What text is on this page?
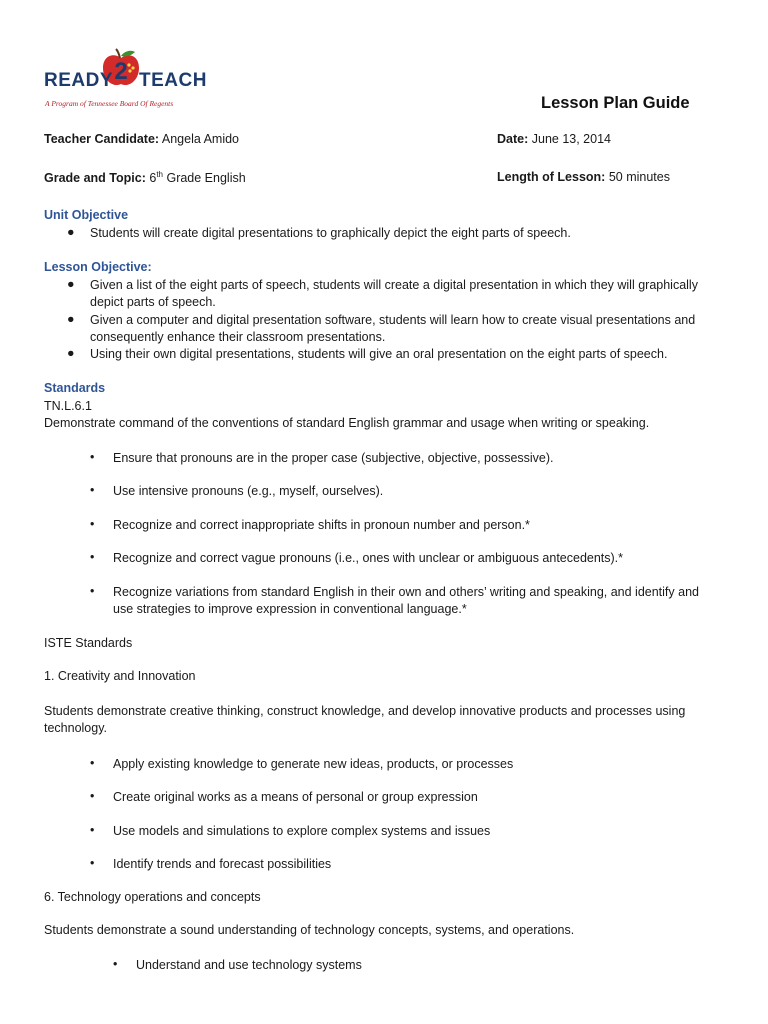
2
READY TEACH
A Program of Tennessee Board Of Regents	Lesson Plan Guide
Teacher Candidate: Angela Amido	Date: June 13, 2014
Grade and Topic: 6th Grade English	Length of Lesson: 50 minutes
Unit Objective
● Students will create digital presentations to graphically depict the eight parts of speech.
Lesson Objective:
● Given a list of the eight parts of speech, students will create a digital presentation in which they will graphically depict parts of speech.
● Given a computer and digital presentation software, students will learn how to create visual presentations and consequently enhance their classroom presentations.
● Using their own digital presentations, students will give an oral presentation on the eight parts of speech.
Standards
TN.L.6.1
Demonstrate command of the conventions of standard English grammar and usage when writing or speaking.
• Ensure that pronouns are in the proper case (subjective, objective, possessive).
• Use intensive pronouns (e.g., myself, ourselves).
• Recognize and correct inappropriate shifts in pronoun number and person.*
• Recognize and correct vague pronouns (i.e., ones with unclear or ambiguous antecedents).*
• Recognize variations from standard English in their own and others’ writing and speaking, and identify and use strategies to improve expression in conventional language.*
ISTE Standards
1. Creativity and Innovation
Students demonstrate creative thinking, construct knowledge, and develop innovative products and processes using technology.
• Apply existing knowledge to generate new ideas, products, or processes
• Create original works as a means of personal or group expression
• Use models and simulations to explore complex systems and issues
• Identify trends and forecast possibilities
6. Technology operations and concepts
Students demonstrate a sound understanding of technology concepts, systems, and operations.
• Understand and use technology systems
